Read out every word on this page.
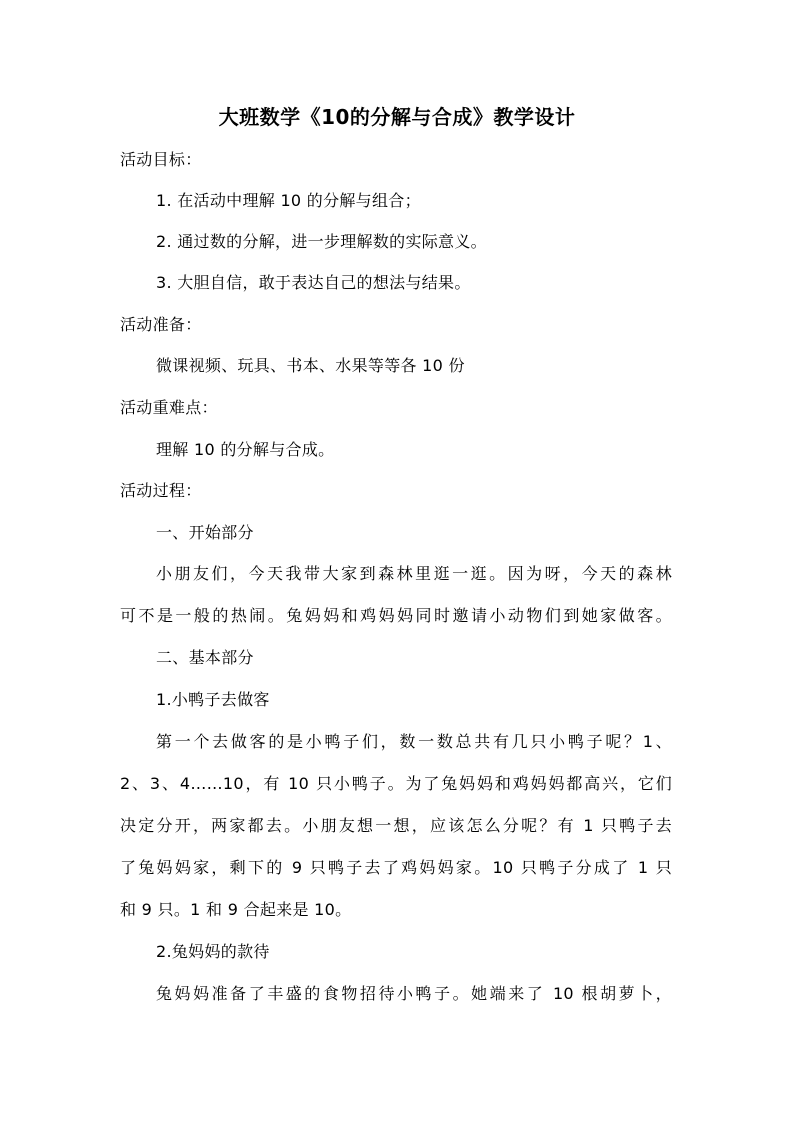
大班数学《10的分解与合成》教学设计
活动目标：
1. 在活动中理解 10 的分解与组合；
2. 通过数的分解，进一步理解数的实际意义。
3. 大胆自信，敢于表达自己的想法与结果。
活动准备：
微课视频、玩具、书本、水果等等各 10 份
活动重难点：
理解 10 的分解与合成。
活动过程：
一、开始部分
小朋友们，今天我带大家到森林里逛一逛。因为呀，今天的森林
可不是一般的热闹。兔妈妈和鸡妈妈同时邀请小动物们到她家做客。
二、基本部分
1.小鸭子去做客
第一个去做客的是小鸭子们，数一数总共有几只小鸭子呢？1、
2、3、4……10，有 10 只小鸭子。为了兔妈妈和鸡妈妈都高兴，它们
决定分开，两家都去。小朋友想一想，应该怎么分呢？有 1 只鸭子去
了兔妈妈家，剩下的 9 只鸭子去了鸡妈妈家。10 只鸭子分成了 1 只
和 9 只。1 和 9 合起来是 10。
2.兔妈妈的款待
兔妈妈准备了丰盛的食物招待小鸭子。她端来了 10 根胡萝卜，
